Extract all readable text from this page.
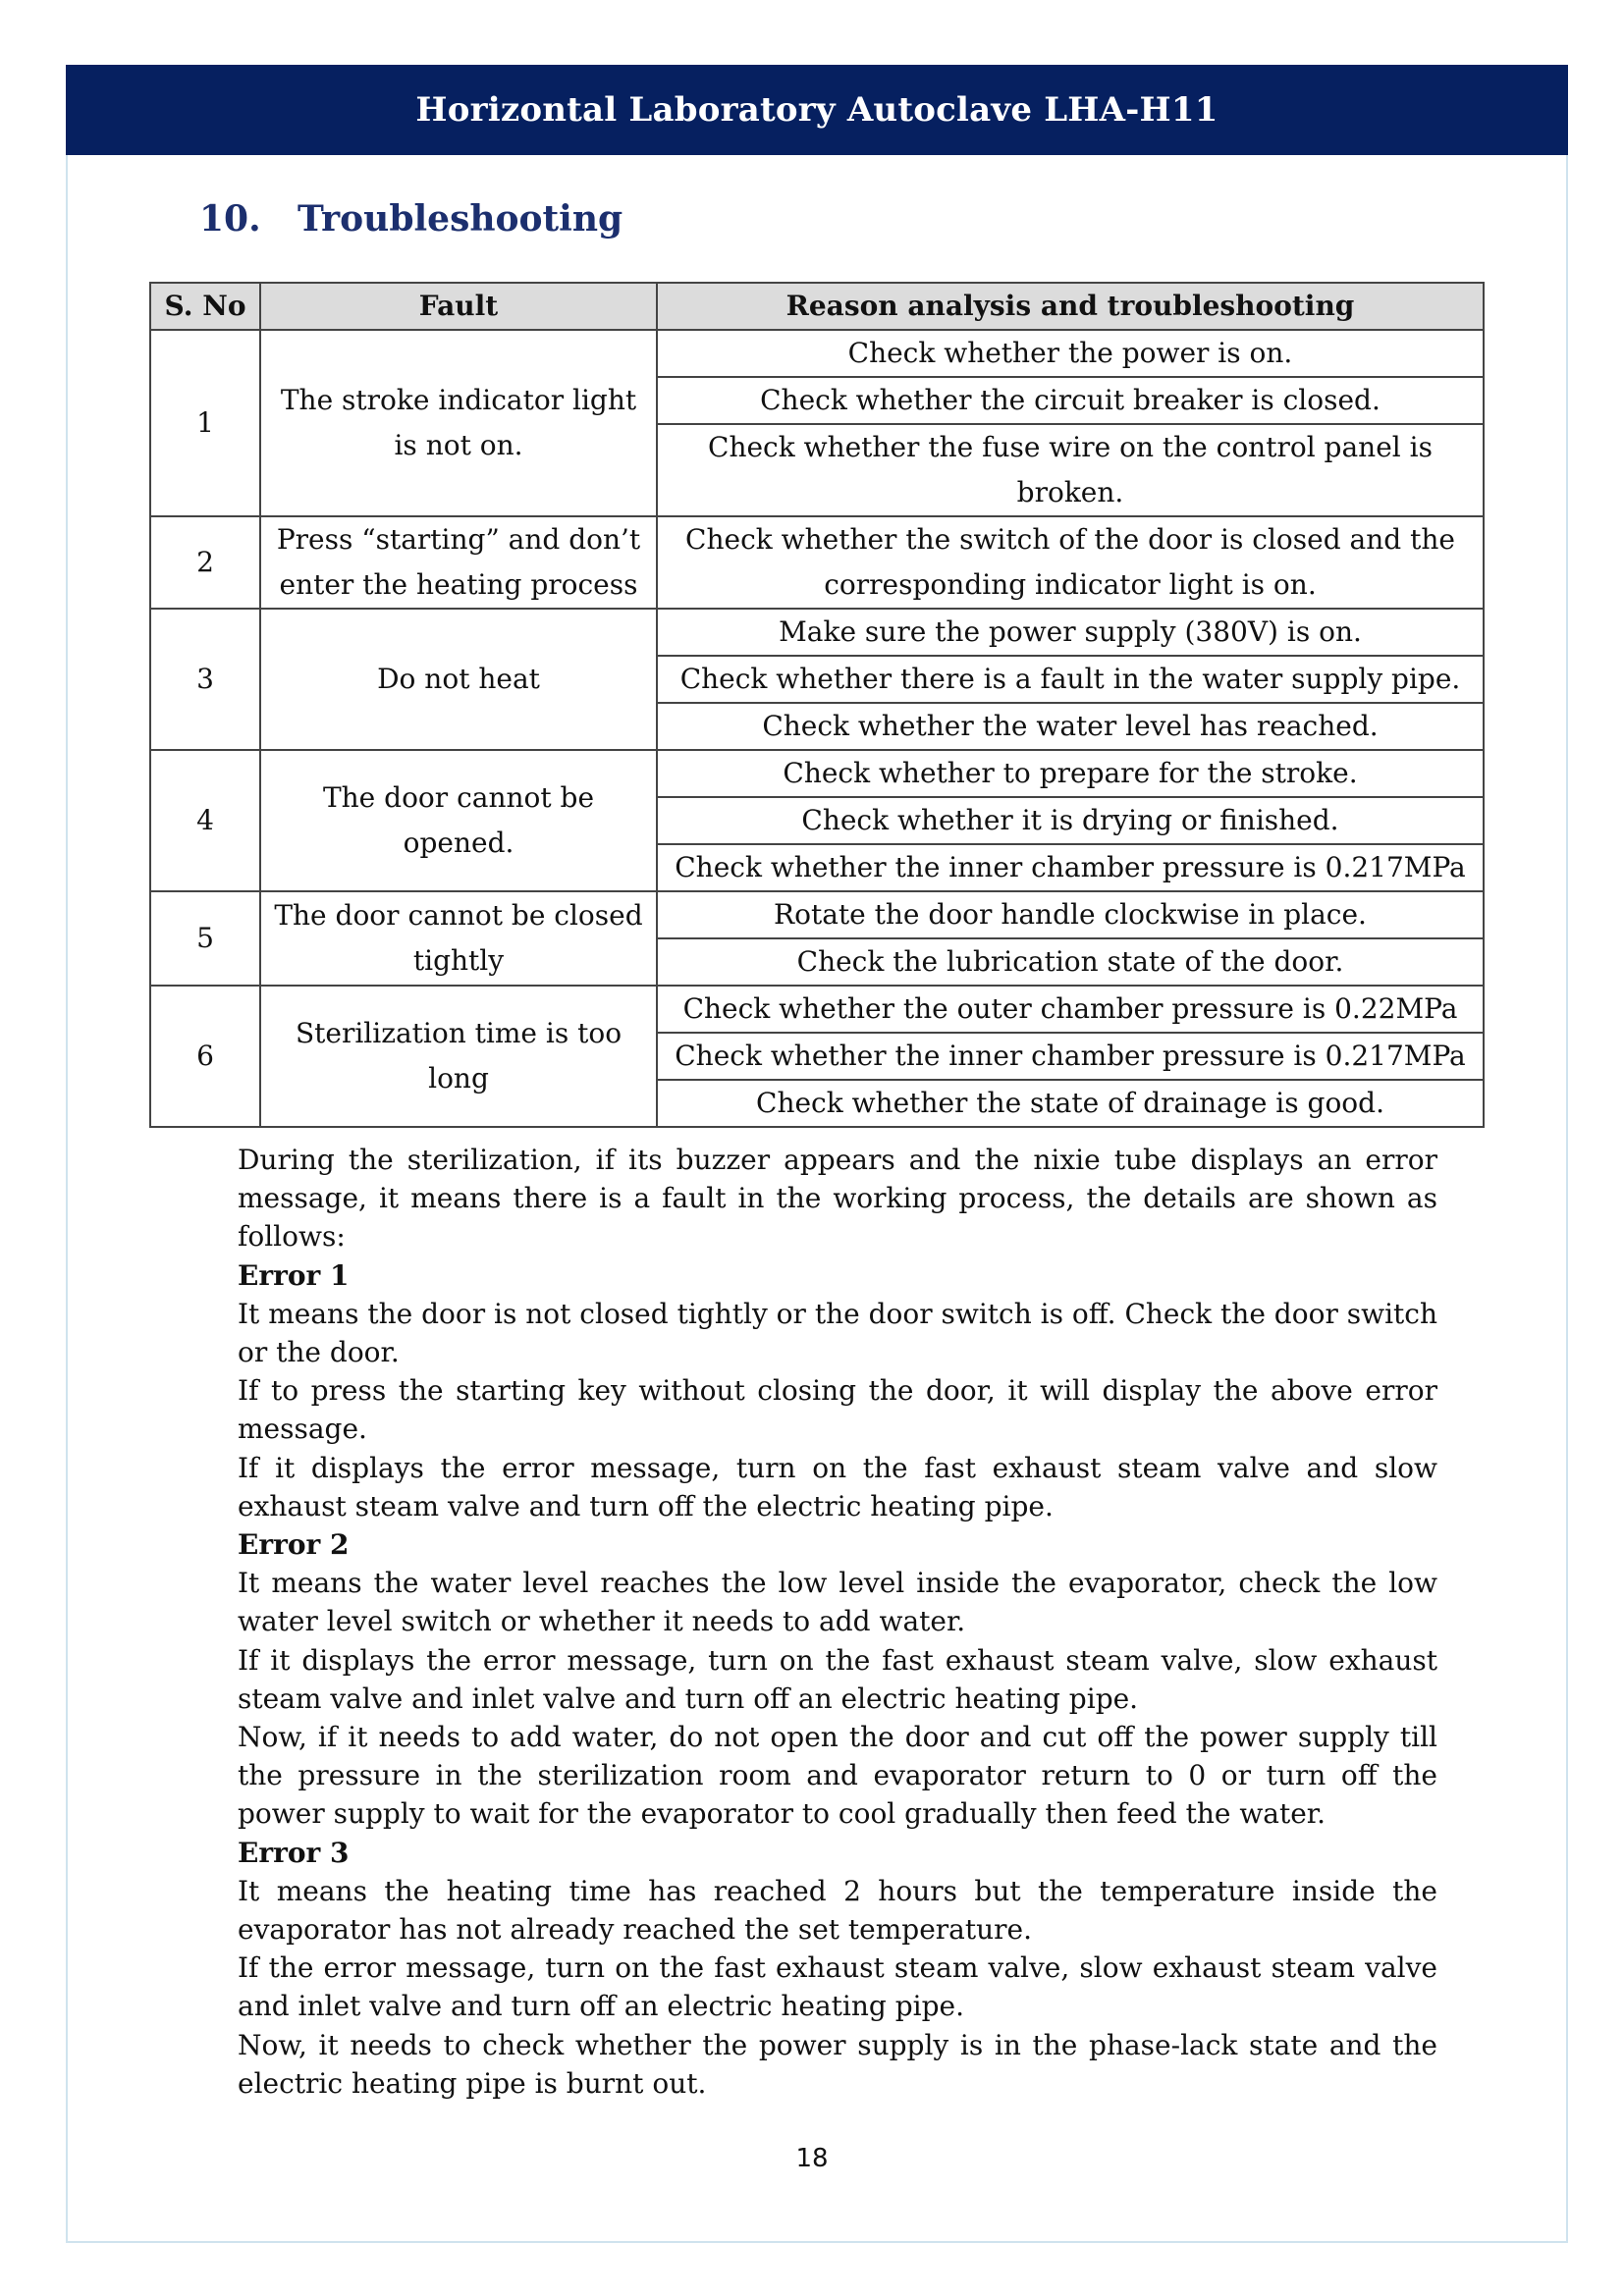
Horizontal Laboratory Autoclave LHA-H11
10.	Troubleshooting
S. No	Fault	Reason analysis and troubleshooting
1	The stroke indicator light is not on.	Check whether the power is on.
		Check whether the circuit breaker is closed.
		Check whether the fuse wire on the control panel is broken.

2	Press “starting” and don’t enter the heating process	Check whether the switch of the door is closed and the corresponding indicator light is on.
3	Do not heat	Make sure the power supply (380V) is on.
		Check whether there is a fault in the water supply pipe.
		Check whether the water level has reached.
4	The door cannot be opened.	Check whether to prepare for the stroke.
		Check whether it is drying or finished.
		Check whether the inner chamber pressure is 0.217MPa
5	The door cannot be closed tightly	Rotate the door handle clockwise in place.
		Check the lubrication state of the door.
6	Sterilization time is too long	Check whether the outer chamber pressure is 0.22MPa
		Check whether the inner chamber pressure is 0.217MPa
		Check whether the state of drainage is good.

During the sterilization, if its buzzer appears and the nixie tube displays an error message, it means there is a fault in the working process, the details are shown as follows:

Error 1

It means the door is not closed tightly or the door switch is off. Check the door switch or the door.

If to press the starting key without closing the door, it will display the above error message.

If it displays the error message, turn on the fast exhaust steam valve and slow exhaust steam valve and turn off the electric heating pipe.

Error 2

It means the water level reaches the low level inside the evaporator, check the low water level switch or whether it needs to add water.

If it displays the error message, turn on the fast exhaust steam valve, slow exhaust steam valve and inlet valve and turn off an electric heating pipe.

Now, if it needs to add water, do not open the door and cut off the power supply till the pressure in the sterilization room and evaporator return to 0 or turn off the power supply to wait for the evaporator to cool gradually then feed the water.

Error 3

It means the heating time has reached 2 hours but the temperature inside the evaporator has not already reached the set temperature.

If the error message, turn on the fast exhaust steam valve, slow exhaust steam valve and inlet valve and turn off an electric heating pipe.

Now, it needs to check whether the power supply is in the phase-lack state and the electric heating pipe is burnt out.

18
